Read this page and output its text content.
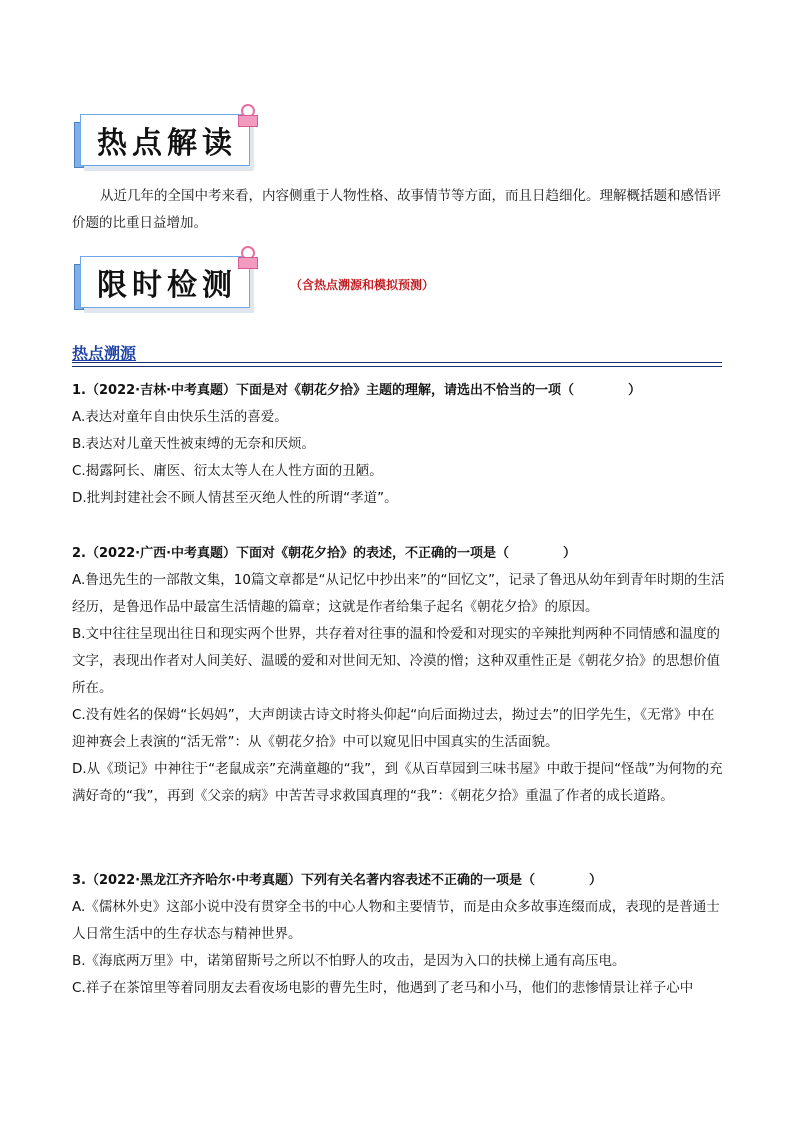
热点解读
从近几年的全国中考来看，内容侧重于人物性格、故事情节等方面，而且日趋细化。理解概括题和感悟评价题的比重日益增加。
限时检测	（含热点溯源和模拟预测）
热点溯源
1.（2022·吉林·中考真题）下面是对《朝花夕拾》主题的理解，请选出不恰当的一项（	）
A.表达对童年自由快乐生活的喜爱。
B.表达对儿童天性被束缚的无奈和厌烦。
C.揭露阿长、庸医、衍太太等人在人性方面的丑陋。
D.批判封建社会不顾人情甚至灭绝人性的所谓“孝道”。
2.（2022·广西·中考真题）下面对《朝花夕拾》的表述，不正确的一项是（	）
A.鲁迅先生的一部散文集，10篇文章都是“从记忆中抄出来”的“回忆文”，记录了鲁迅从幼年到青年时期的生活经历，是鲁迅作品中最富生活情趣的篇章；这就是作者给集子起名《朝花夕拾》的原因。
B.文中往往呈现出往日和现实两个世界，共存着对往事的温和怜爱和对现实的辛辣批判两种不同情感和温度的文字，表现出作者对人间美好、温暖的爱和对世间无知、冷漠的憎；这种双重性正是《朝花夕拾》的思想价值所在。
C.没有姓名的保姆“长妈妈”，大声朗读古诗文时将头仰起“向后面拗过去，拗过去”的旧学先生，《无常》中在迎神赛会上表演的“活无常”：从《朝花夕拾》中可以窥见旧中国真实的生活面貌。
D.从《琐记》中神往于“老鼠成亲”充满童趣的“我”，到《从百草园到三味书屋》中敢于提问“怪哉”为何物的充满好奇的“我”，再到《父亲的病》中苦苦寻求救国真理的“我”：《朝花夕拾》重温了作者的成长道路。
3.（2022·黑龙江齐齐哈尔·中考真题）下列有关名著内容表述不正确的一项是（	）
A.《儒林外史》这部小说中没有贯穿全书的中心人物和主要情节，而是由众多故事连缀而成，表现的是普通士人日常生活中的生存状态与精神世界。
B.《海底两万里》中，诺第留斯号之所以不怕野人的攻击，是因为入口的扶梯上通有高压电。
C.祥子在茶馆里等着同朋友去看夜场电影的曹先生时，他遇到了老马和小马，他们的悲惨情景让祥子心中
